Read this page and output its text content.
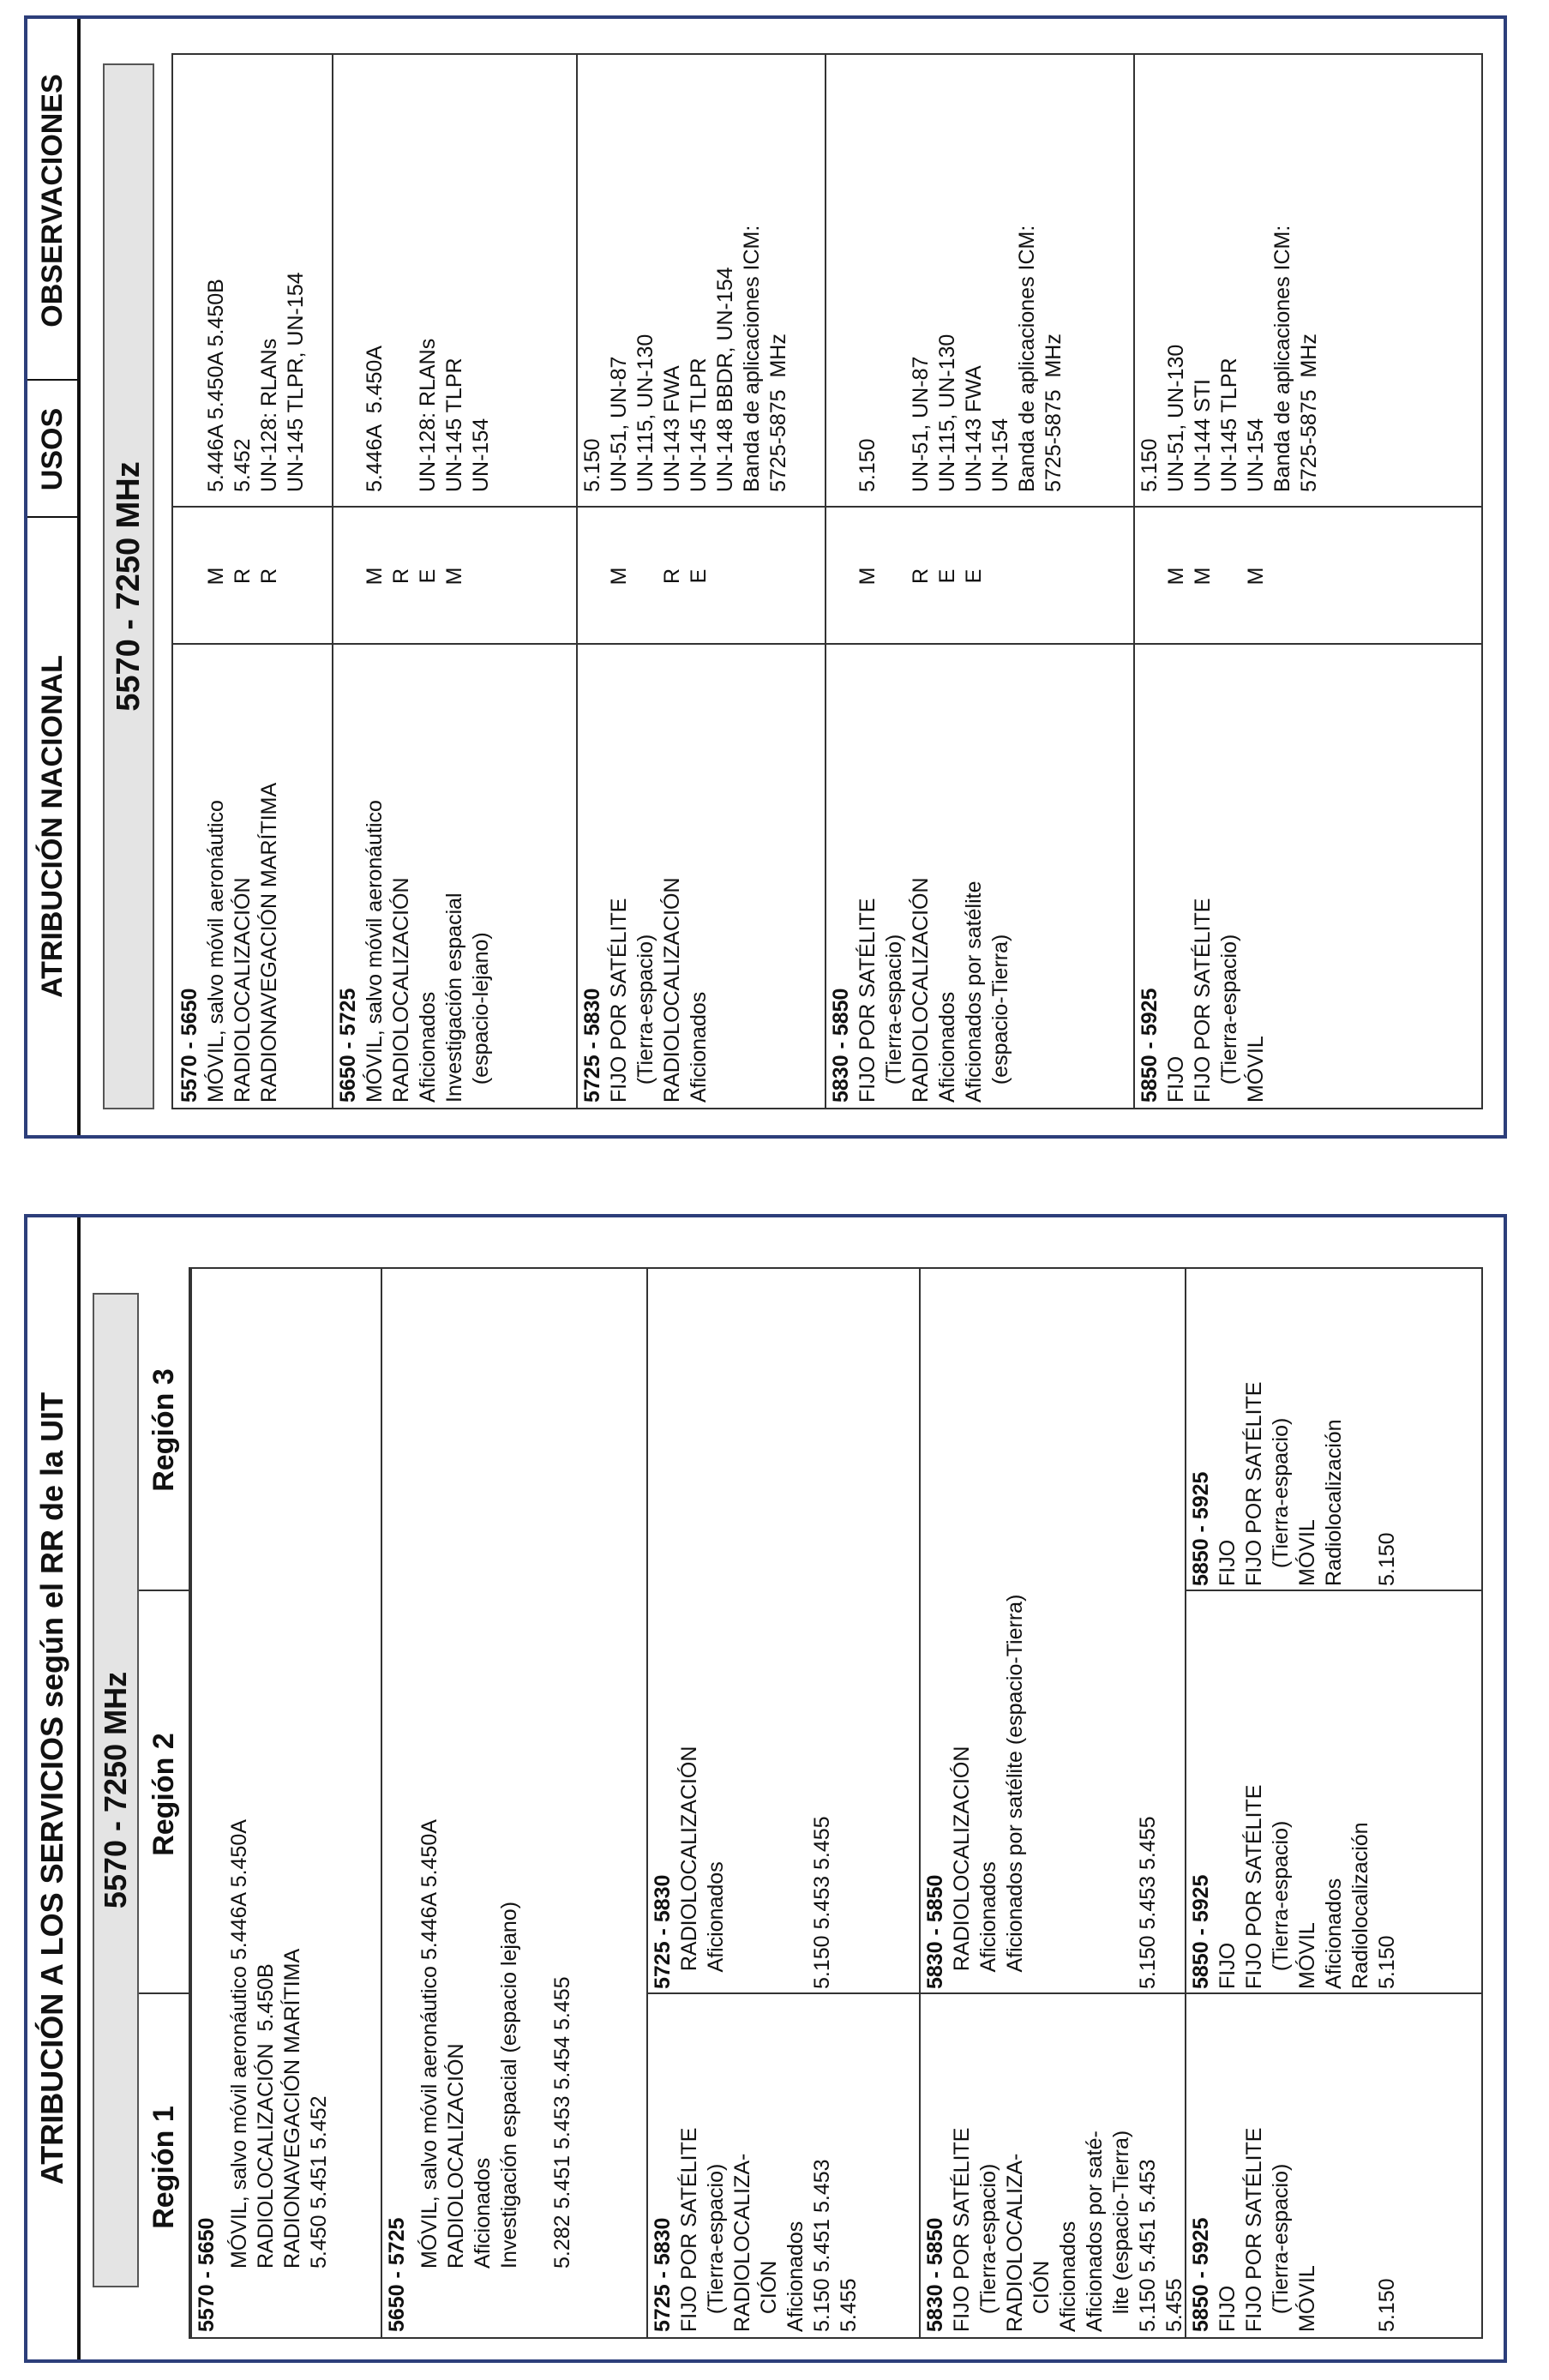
ATRIBUCIÓN A LOS SERVICIOS según el RR de la UIT 5570 - 7250 MHz
Región 1
Región 2
Región 3
5570 - 5650 MÓVIL, salvo móvil aeronáutico 5.446A 5.450A
RADIOLOCALIZACIÓN  5.450B
RADIONAVEGACIÓN MARÍTIMA
5.450 5.451 5.452
5650 - 5725 MÓVIL, salvo móvil aeronáutico 5.446A 5.450A
RADIOLOCALIZACIÓN
Aficionados
Investigación espacial (espacio lejano)

5.282 5.451 5.453 5.454 5.455
5725 - 5830 FIJO POR SATÉLITE
(Tierra-espacio)
RADIOLOCALIZA-
CIÓN
Aficionados
5.150 5.451 5.453
5.455
5725 - 5830 RADIOLOCALIZACIÓN
Aficionados

5.150 5.453 5.455
5830 - 5850 FIJO POR SATÉLITE
(Tierra-espacio)
RADIOLOCALIZA-
CIÓN
Aficionados
Aficionados por saté-
lite (espacio-Tierra)
5.150 5.451 5.453
5.455
5830 - 5850 RADIOLOCALIZACIÓN
Aficionados
Aficionados por satélite (espacio-Tierra)

5.150 5.453 5.455
5850 - 5925 FIJO
FIJO POR SATÉLITE
(Tierra-espacio)
MÓVIL

5.150
5850 - 5925 FIJO
FIJO POR SATÉLITE
(Tierra-espacio)
MÓVIL
Aficionados
Radiolocalización
5.150
5850 - 5925 FIJO
FIJO POR SATÉLITE
(Tierra-espacio)
MÓVIL
Radiolocalización

5.150
ATRIBUCIÓN NACIONAL
USOS
OBSERVACIONES
5570 - 7250 MHz
5570 - 5650 MÓVIL, salvo móvil aeronáutico
RADIOLOCALIZACIÓN
RADIONAVEGACIÓN MARÍTIMA
M
R
R
5.446A 5.450A 5.450B
5.452
UN-128: RLANs
UN-145 TLPR, UN-154
5650 - 5725 MÓVIL, salvo móvil aeronáutico
RADIOLOCALIZACIÓN
Aficionados
Investigación espacial
(espacio-lejano)
M
R
E
M
5.446A  5.450A

UN-128: RLANs
UN-145 TLPR
UN-154
5725 - 5830 FIJO POR SATÉLITE
(Tierra-espacio)
RADIOLOCALIZACIÓN
Aficionados

M

R
E
5.150
UN-51, UN-87
UN-115, UN-130
UN-143 FWA
UN-145 TLPR
UN-148 BBDR, UN-154
Banda de aplicaciones ICM:
5725-5875  MHz
5830 - 5850 FIJO POR SATÉLITE
(Tierra-espacio)
RADIOLOCALIZACIÓN
Aficionados
Aficionados por satélite
(espacio-Tierra)

M

R
E
E

5.150

UN-51, UN-87
UN-115, UN-130
UN-143 FWA
UN-154
Banda de aplicaciones ICM:
5725-5875  MHz
5850 - 5925 FIJO
FIJO POR SATÉLITE
(Tierra-espacio)
MÓVIL
M
M

M
5.150
UN-51, UN-130
UN-144 STI
UN-145 TLPR
UN-154
Banda de aplicaciones ICM:
5725-5875  MHz
